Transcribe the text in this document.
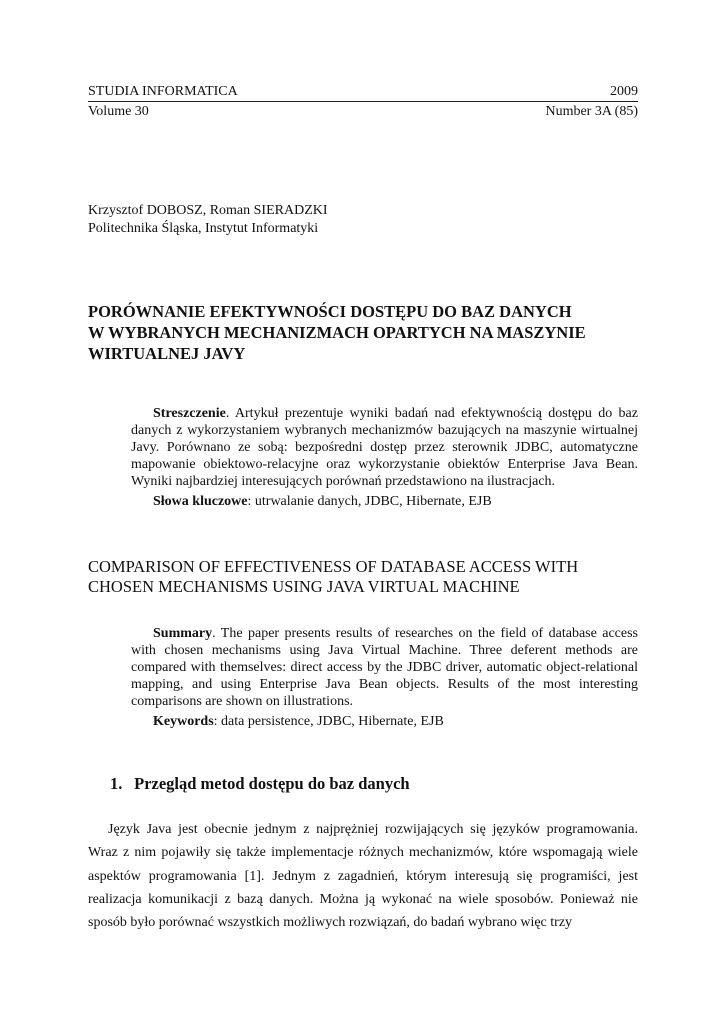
STUDIA INFORMATICA	2009
Volume 30	Number 3A (85)
Krzysztof DOBOSZ, Roman SIERADZKI
Politechnika Śląska, Instytut Informatyki
PORÓWNANIE EFEKTYWNOŚCI DOSTĘPU DO BAZ DANYCH
W WYBRANYCH MECHANIZMACH OPARTYCH NA MASZYNIE
WIRTUALNEJ JAVY
Streszczenie. Artykuł prezentuje wyniki badań nad efektywnością dostępu do baz danych z wykorzystaniem wybranych mechanizmów bazujących na maszynie wirtualnej Javy. Porównano ze sobą: bezpośredni dostęp przez sterownik JDBC, automatyczne mapowanie obiektowo-relacyjne oraz wykorzystanie obiektów Enterprise Java Bean. Wyniki najbardziej interesujących porównań przedstawiono na ilustracjach.
Słowa kluczowe: utrwalanie danych, JDBC, Hibernate, EJB
COMPARISON OF EFFECTIVENESS OF DATABASE ACCESS WITH
CHOSEN MECHANISMS USING JAVA VIRTUAL MACHINE
Summary. The paper presents results of researches on the field of database access with chosen mechanisms using Java Virtual Machine. Three deferent methods are compared with themselves: direct access by the JDBC driver, automatic object-relational mapping, and using Enterprise Java Bean objects. Results of the most interesting comparisons are shown on illustrations.
Keywords: data persistence, JDBC, Hibernate, EJB
1. Przegląd metod dostępu do baz danych

Język Java jest obecnie jednym z najprężniej rozwijających się języków programowania. Wraz z nim pojawiły się także implementacje różnych mechanizmów, które wspomagają wiele aspektów programowania [1]. Jednym z zagadnień, którym interesują się programiści, jest realizacja komunikacji z bazą danych. Można ją wykonać na wiele sposobów. Ponieważ nie sposób było porównać wszystkich możliwych rozwiązań, do badań wybrano więc trzy
